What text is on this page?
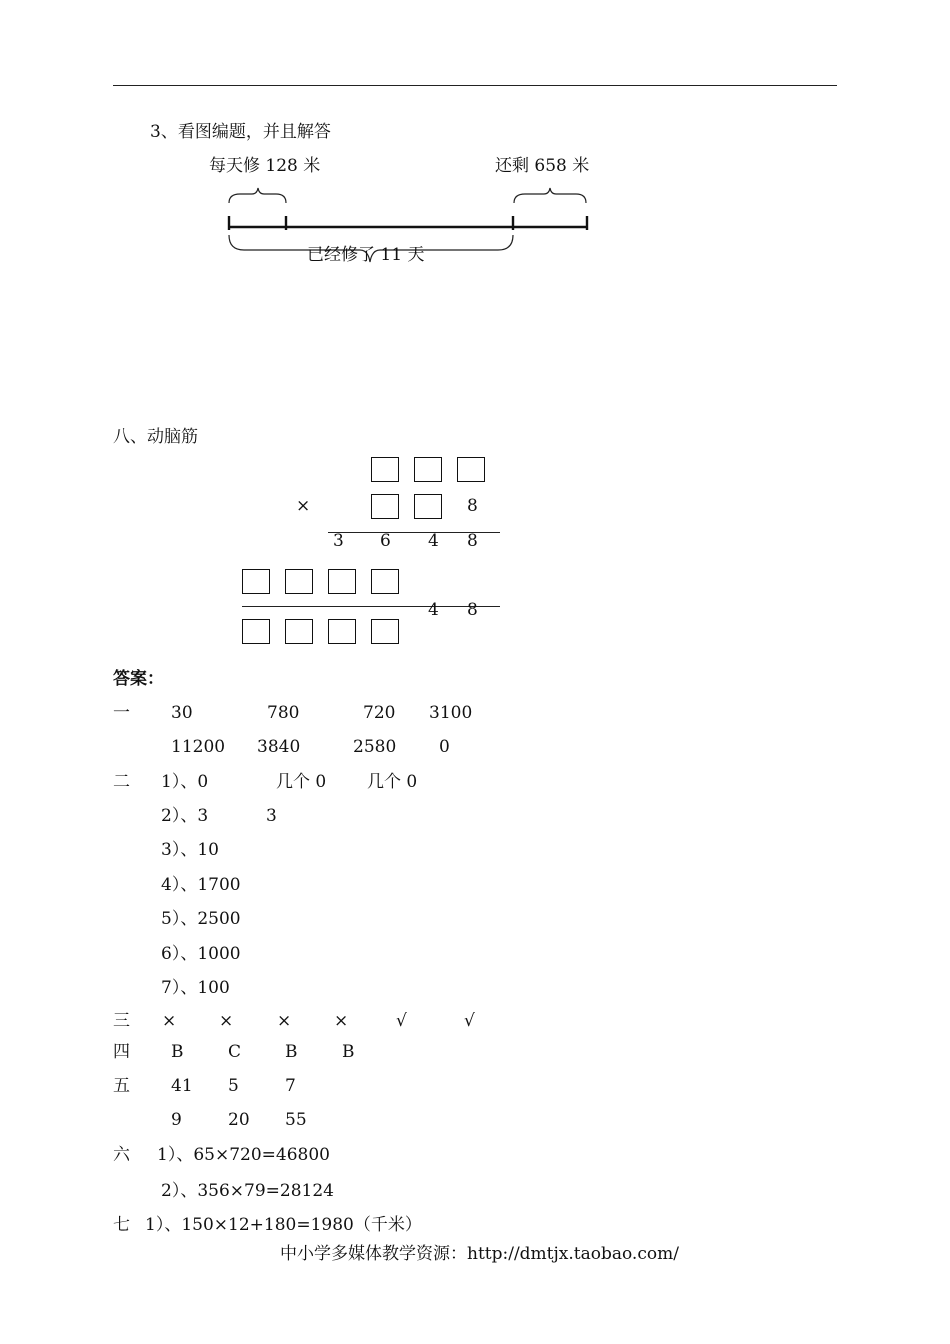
3、看图编题，并且解答
每天修 128 米	还剩 658 米
已经修了 11 天
八、动脑筋
×	8
3 6 4 8
4 8
答案：
一 30	780	720 3100
11200 3840	2580	0
二 1）、0	几个 0 几个 0
2）、3	3
3）、10
4）、1700
5）、2500
6）、1000
7）、100
三 ×	×	×	×	√	√
四 B	C	B	B
五 41 5	7
9	20 55
六 1）、65×720=46800
2）、356×79=28124
七 1）、150×12+180=1980（千米）
中小学多媒体教学资源：http://dmtjx.taobao.com/
